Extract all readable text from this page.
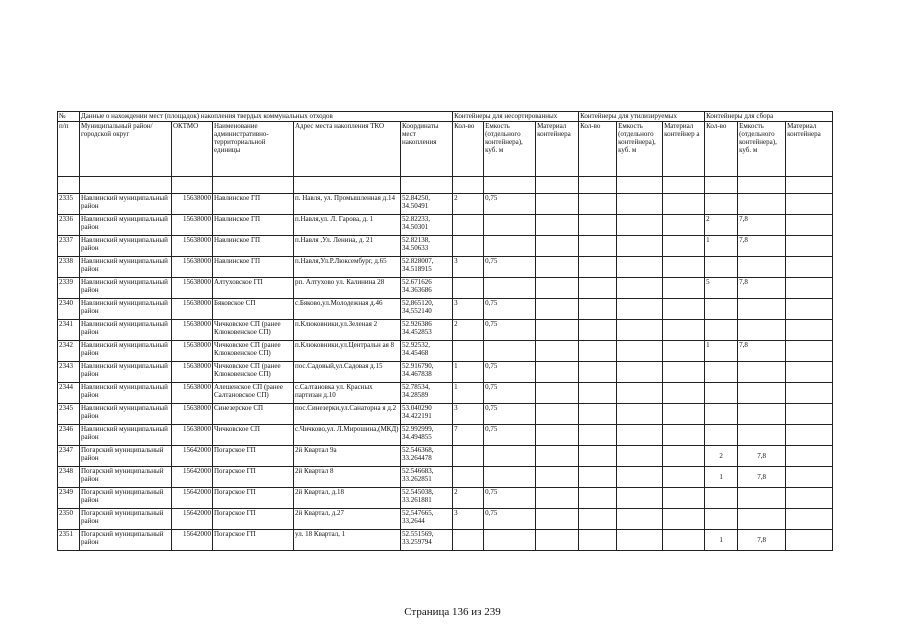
№	Данные о нахождении мест (площадок) накопления твердых коммунальных отходов					Контейнеры для несортированных			Контейнеры для утилизируемых			Контейнеры для сбора		
п/п	Муниципальный район/городской округ	ОКТМО	Наименование административно-территориальной единицы	Адрес места накопления ТКО	Координаты мест накопления	Кол-во	Емкость (отдельного контейнера), куб. м	Материал контейнера	Кол-во	Емкость (отдельного контейнера), куб. м	Материал контейнер а	Кол-во	Емкость (отдельного контейнера), куб. м	Материал контейнера

2335	Навлинский муниципальный район	15638000	Навлинское ГП	п. Навля, ул. Промышленная д.14	52.84250, 34.50491	2	0,75							
2336	Навлинский муниципальный район	15638000	Навлинское ГП	п.Навля,ул. Л. Гарова, д. 1	52.82233, 34.50301							2	7,8	
2337	Навлинский муниципальный район	15638000	Навлинское ГП	п.Навля ,Ул. Ленина, д. 21	52.82138, 34.50633							1	7,8	
2338	Навлинский муниципальный район	15638000	Навлинское ГП	п.Навля,Ул.Р.Люксембург, д.65	52.828007, 34.518915	3	0,75							
2339	Навлинский муниципальный район	15638000	Алтуховское ГП	рп. Алтухово ул. Калинина 28	52.671626 34.363686							5	7,8	
2340	Навлинский муниципальный район	15638000	Бяковское СП	с.Бяково,ул.Молодежная д.46	52,865120, 34,552140	3	0,75							
2341	Навлинский муниципальный район	15638000	Чичковское СП (ранее Клюковенское СП)	п.Клюковники,ул.Зеленая 2	52.926386 34.452853	2	0,75							
2342	Навлинский муниципальный район	15638000	Чичковское СП (ранее Клюковенское СП)	п.Клюковники,ул.Центральн ая 8	52.92532, 34.45468							1	7,8	
2343	Навлинский муниципальный район	15638000	Чичковское СП (ранее Клюковенское СП)	пос.Садовый,ул.Садовая д.15	52.916790, 34.467838	1	0,75							
2344	Навлинский муниципальный район	15638000	Алешенское СП (ранее Салтановское СП)	с.Салтановка ул. Красных партизан д.10	52.78534, 34.28589	1	0,75							
2345	Навлинский муниципальный район	15638000	Синезерское СП	пос.Синезерки,ул.Санаторна я д.2	53.040290 34.422191	3	0,75							
2346	Навлинский муниципальный район	15638000	Чичковское СП	с.Чичково,ул. Л.Мирошина,(МКД)	52.992999, 34.494855	7	0,75							
2347	Погарский муниципальный район	15642000	Погарское ГП	2й Квартал 9а	52.546368, 33.264478							2	7,8	
2348	Погарский муниципальный район	15642000	Погарское ГП	2й Квартал 8	52.546683, 33.262851							1	7,8	
2349	Погарский муниципальный район	15642000	Погарское ГП	2й Квартал, д.18	52.545038, 33.261881	2	0,75							
2350	Погарский муниципальный район	15642000	Погарское ГП	2й Квартал, д.27	52,547665, 33,2644	3	0,75							
2351	Погарский муниципальный район	15642000	Погарское ГП	ул. 18 Квартал, 1	52.551569, 33.259794							1	7,8	
Страница 136 из 239
